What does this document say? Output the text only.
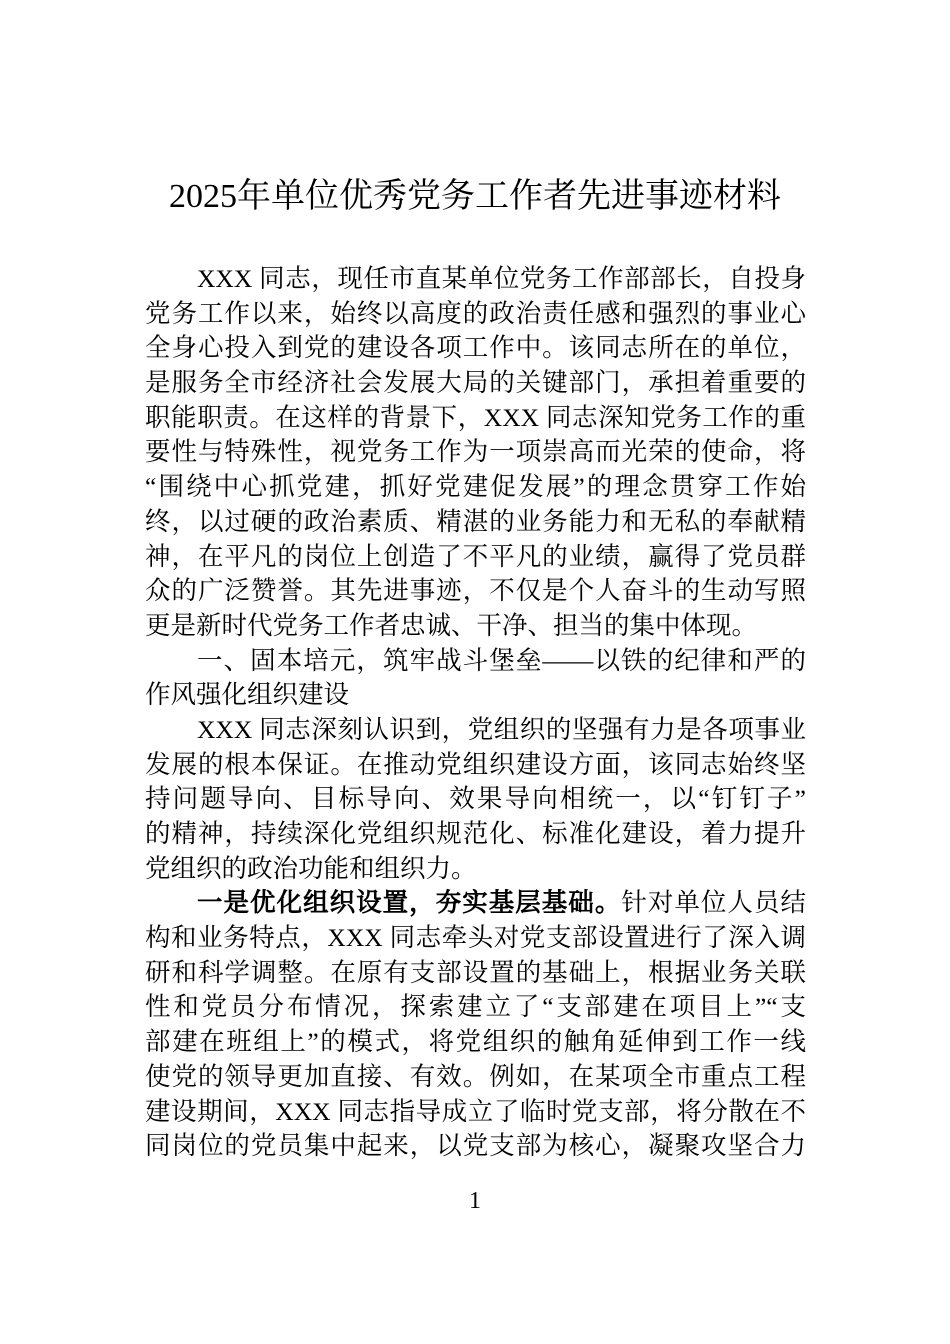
2025年单位优秀党务工作者先进事迹材料
XXX 同志，现任市直某单位党务工作部部长，自投身
党务工作以来，始终以高度的政治责任感和强烈的事业心
全身心投入到党的建设各项工作中。该同志所在的单位，
是服务全市经济社会发展大局的关键部门，承担着重要的
职能职责。在这样的背景下，XXX 同志深知党务工作的重
要性与特殊性，视党务工作为一项崇高而光荣的使命，将
“围绕中心抓党建，抓好党建促发展”的理念贯穿工作始
终，以过硬的政治素质、精湛的业务能力和无私的奉献精
神，在平凡的岗位上创造了不平凡的业绩，赢得了党员群
众的广泛赞誉。其先进事迹，不仅是个人奋斗的生动写照
更是新时代党务工作者忠诚、干净、担当的集中体现。
一、固本培元，筑牢战斗堡垒——以铁的纪律和严的
作风强化组织建设
XXX 同志深刻认识到，党组织的坚强有力是各项事业
发展的根本保证。在推动党组织建设方面，该同志始终坚
持问题导向、目标导向、效果导向相统一，以“钉钉子”
的精神，持续深化党组织规范化、标准化建设，着力提升
党组织的政治功能和组织力。
一是优化组织设置，夯实基层基础。针对单位人员结
构和业务特点，XXX 同志牵头对党支部设置进行了深入调
研和科学调整。在原有支部设置的基础上，根据业务关联
性和党员分布情况，探索建立了“支部建在项目上”“支
部建在班组上”的模式，将党组织的触角延伸到工作一线
使党的领导更加直接、有效。例如，在某项全市重点工程
建设期间，XXX 同志指导成立了临时党支部，将分散在不
同岗位的党员集中起来，以党支部为核心，凝聚攻坚合力
1
